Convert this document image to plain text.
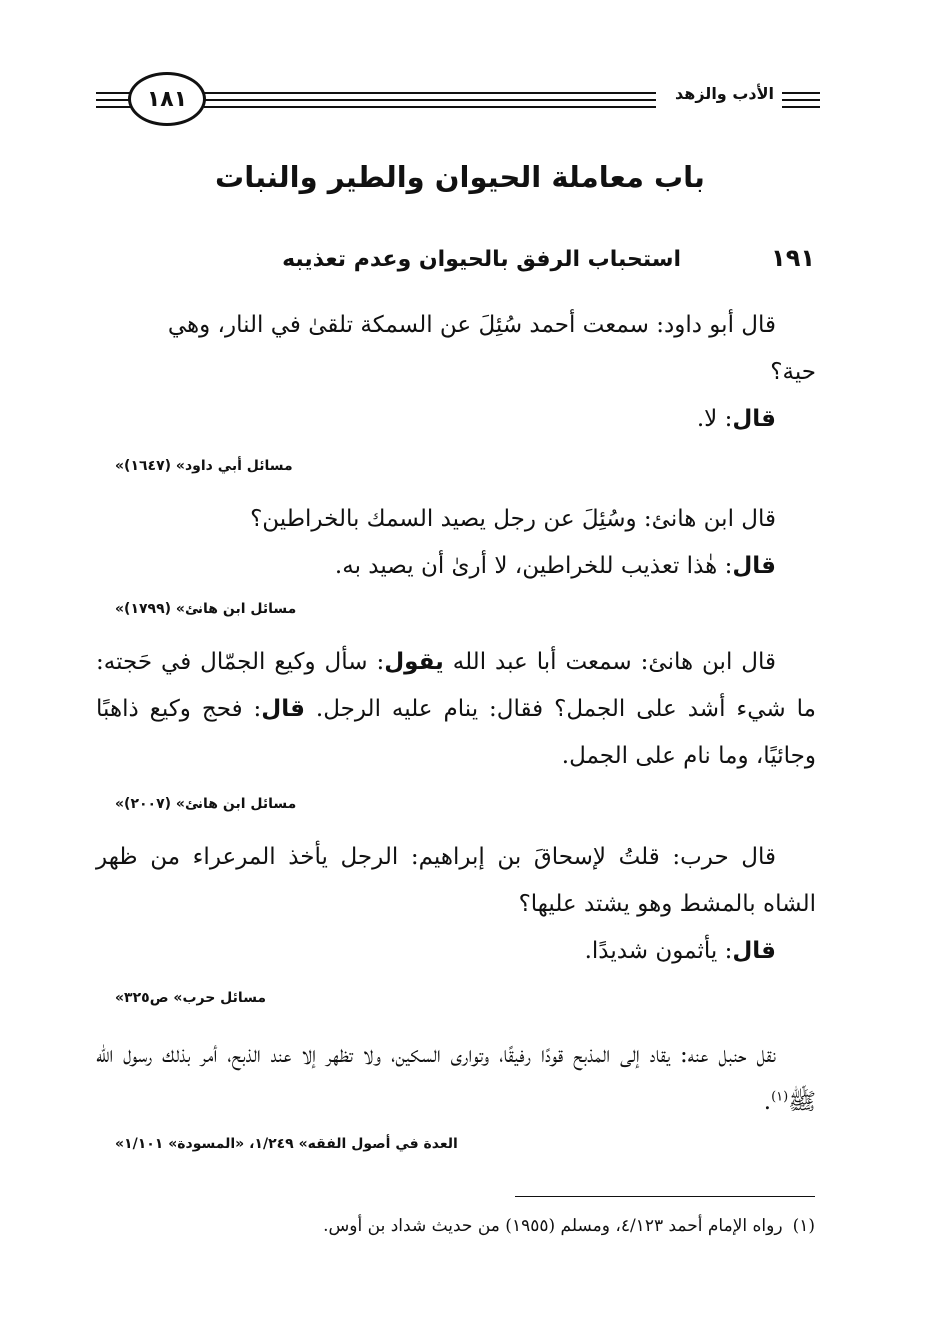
١٨١	الأدب والزهد
باب معاملة الحيوان والطير والنبات
١٩١استحباب الرفق بالحيوان وعدم تعذيبه

قال أبو داود: سمعت أحمد سُئِلَ عن السمكة تلقىٰ في النار، وهي

حية؟

قال: لا.

«مسائل أبي داود» (١٦٤٧)

قال ابن هانئ: وسُئِلَ عن رجل يصيد السمك بالخراطين؟

قال: هٰذا تعذيب للخراطين، لا أرىٰ أن يصيد به.

«مسائل ابن هانئ» (١٧٩٩)

قال ابن هانئ: سمعت أبا عبد الله يقول: سأل وكيع الجمّال في حَجته: ما شيء أشد على الجمل؟ فقال: ينام عليه الرجل. قال: فحج وكيع ذاهبًا وجائيًا، وما نام على الجمل.

«مسائل ابن هانئ» (٢٠٠٧)

قال حرب: قلتُ لإسحاقَ بن إبراهيم: الرجل يأخذ المرعراء من ظهر الشاه بالمشط وهو يشتد عليها؟

قال: يأثمون شديدًا.

«مسائل حرب» ص٣٢٥

نقل حنبل عنه: يقاد إلى المذبح قودًا رفيقًا، وتوارى السكين، ولا تظهر إلا عند الذبح، أمر بذلك رسول الله ﷺ$^{(١)}$.

«العدة في أصول الفقه» ١/٢٤٩، «المسودة» ١/١٠١
(١)رواه الإمام أحمد ٤/١٢٣، ومسلم (١٩٥٥) من حديث شداد بن أوس.
